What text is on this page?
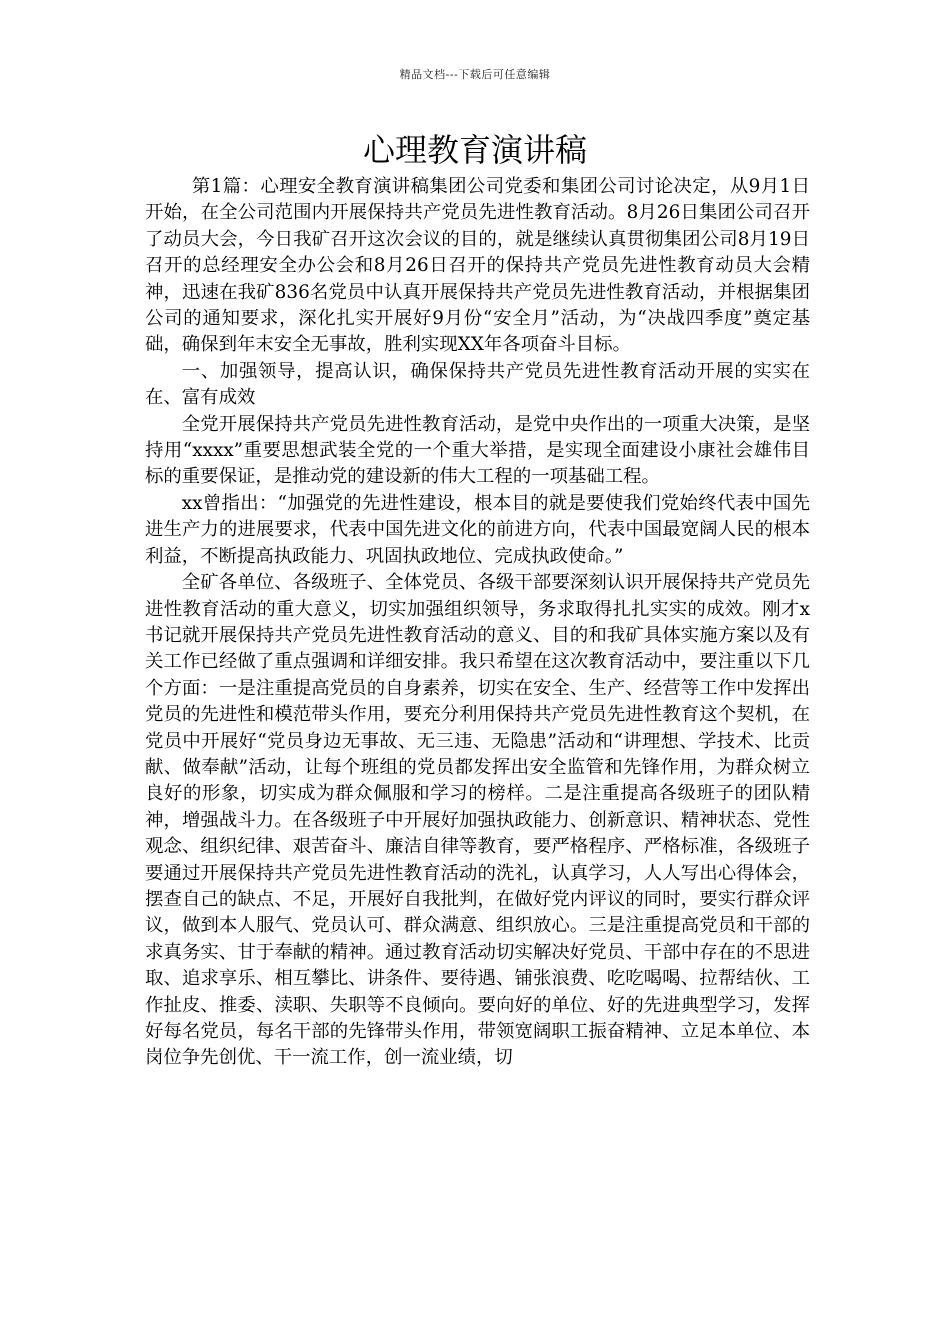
精品文档---下载后可任意编辑
心理教育演讲稿

第1篇：心理安全教育演讲稿集团公司党委和集团公司讨论决定，从9月1日开始，在全公司范围内开展保持共产党员先进性教育活动。8月26日集团公司召开了动员大会，今日我矿召开这次会议的目的，就是继续认真贯彻集团公司8月19日召开的总经理安全办公会和8月26日召开的保持共产党员先进性教育动员大会精神，迅速在我矿836名党员中认真开展保持共产党员先进性教育活动，并根据集团公司的通知要求，深化扎实开展好9月份“安全月”活动，为“决战四季度”奠定基础，确保到年末安全无事故，胜利实现XX年各项奋斗目标。

一、加强领导，提高认识，确保保持共产党员先进性教育活动开展的实实在在、富有成效

全党开展保持共产党员先进性教育活动，是党中央作出的一项重大决策，是坚持用“xxxx”重要思想武装全党的一个重大举措，是实现全面建设小康社会雄伟目标的重要保证，是推动党的建设新的伟大工程的一项基础工程。

xx曾指出：“加强党的先进性建设，根本目的就是要使我们党始终代表中国先进生产力的进展要求，代表中国先进文化的前进方向，代表中国最宽阔人民的根本利益，不断提高执政能力、巩固执政地位、完成执政使命。”

全矿各单位、各级班子、全体党员、各级干部要深刻认识开展保持共产党员先进性教育活动的重大意义，切实加强组织领导，务求取得扎扎实实的成效。刚才x书记就开展保持共产党员先进性教育活动的意义、目的和我矿具体实施方案以及有关工作已经做了重点强调和详细安排。我只希望在这次教育活动中，要注重以下几个方面：一是注重提高党员的自身素养，切实在安全、生产、经营等工作中发挥出党员的先进性和模范带头作用，要充分利用保持共产党员先进性教育这个契机，在党员中开展好“党员身边无事故、无三违、无隐患”活动和“讲理想、学技术、比贡献、做奉献”活动，让每个班组的党员都发挥出安全监管和先锋作用，为群众树立良好的形象，切实成为群众佩服和学习的榜样。二是注重提高各级班子的团队精神，增强战斗力。在各级班子中开展好加强执政能力、创新意识、精神状态、党性观念、组织纪律、艰苦奋斗、廉洁自律等教育，要严格程序、严格标准，各级班子要通过开展保持共产党员先进性教育活动的洗礼，认真学习，人人写出心得体会，摆查自己的缺点、不足，开展好自我批判，在做好党内评议的同时，要实行群众评议，做到本人服气、党员认可、群众满意、组织放心。三是注重提高党员和干部的求真务实、甘于奉献的精神。通过教育活动切实解决好党员、干部中存在的不思进取、追求享乐、相互攀比、讲条件、要待遇、铺张浪费、吃吃喝喝、拉帮结伙、工作扯皮、推委、渎职、失职等不良倾向。要向好的单位、好的先进典型学习，发挥好每名党员，每名干部的先锋带头作用，带领宽阔职工振奋精神、立足本单位、本岗位争先创优、干一流工作，创一流业绩，切
